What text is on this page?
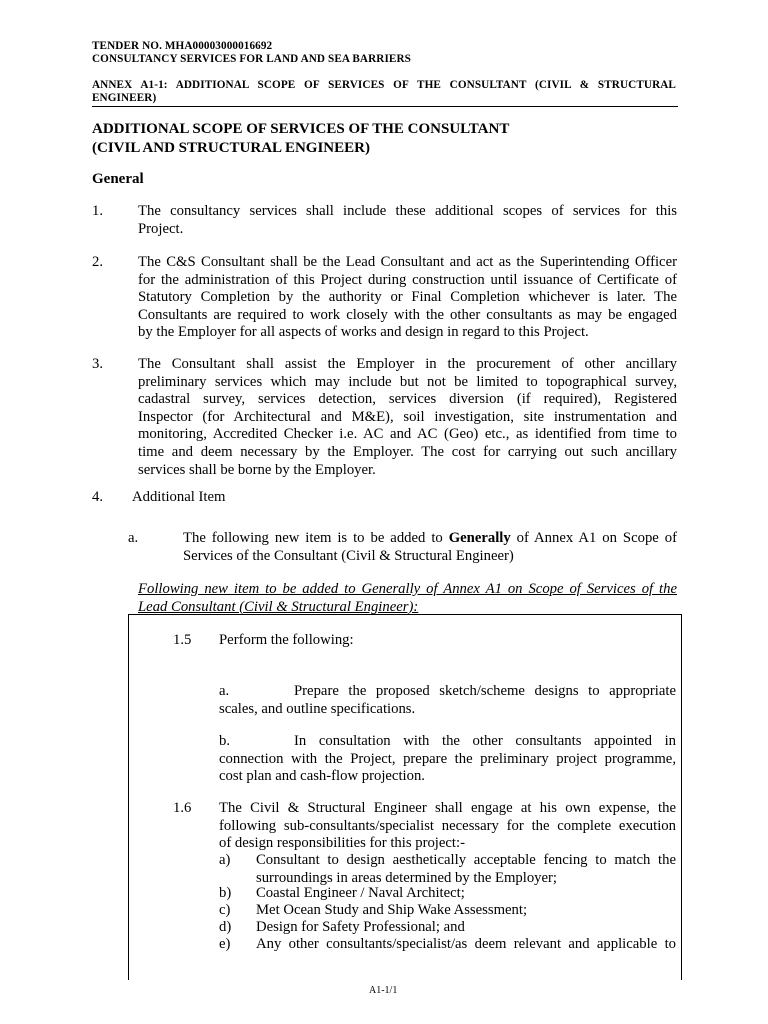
TENDER NO. MHA00003000016692
CONSULTANCY SERVICES FOR LAND AND SEA BARRIERS
ANNEX A1-1: ADDITIONAL SCOPE OF SERVICES OF THE CONSULTANT (CIVIL & STRUCTURAL
ENGINEER)
ADDITIONAL SCOPE OF SERVICES OF THE CONSULTANT
(CIVIL AND STRUCTURAL ENGINEER)
General
1. The consultancy services shall include these additional scopes of services for this
Project.
2. The C&S Consultant shall be the Lead Consultant and act as the Superintending Officer
for the administration of this Project during construction until issuance of Certificate of
Statutory Completion by the authority or Final Completion whichever is later. The
Consultants are required to work closely with the other consultants as may be engaged
by the Employer for all aspects of works and design in regard to this Project.
3. The Consultant shall assist the Employer in the procurement of other ancillary
preliminary services which may include but not be limited to topographical survey,
cadastral survey, services detection, services diversion (if required), Registered
Inspector (for Architectural and M&E), soil investigation, site instrumentation and
monitoring, Accredited Checker i.e. AC and AC (Geo) etc., as identified from time to
time and deem necessary by the Employer. The cost for carrying out such ancillary
services shall be borne by the Employer.
4. Additional Item
a.	The following new item is to be added to Generally of Annex A1 on Scope of
Services of the Consultant (Civil & Structural Engineer)
Following new item to be added to Generally of Annex A1 on Scope of Services of the
Lead Consultant (Civil & Structural Engineer):
1.5 Perform the following:
a.	Prepare the proposed sketch/scheme designs to appropriate
scales, and outline specifications.
b.	In consultation with the other consultants appointed in
connection with the Project, prepare the preliminary project programme,
cost plan and cash-flow projection.
1.6 The Civil & Structural Engineer shall engage at his own expense, the
following sub-consultants/specialist necessary for the complete execution
of design responsibilities for this project:-
a) Consultant to design aesthetically acceptable fencing to match the
surroundings in areas determined by the Employer;
b) Coastal Engineer / Naval Architect;
c) Met Ocean Study and Ship Wake Assessment;
d) Design for Safety Professional; and
e) Any other consultants/specialist/as deem relevant and applicable to
A1-1/1
